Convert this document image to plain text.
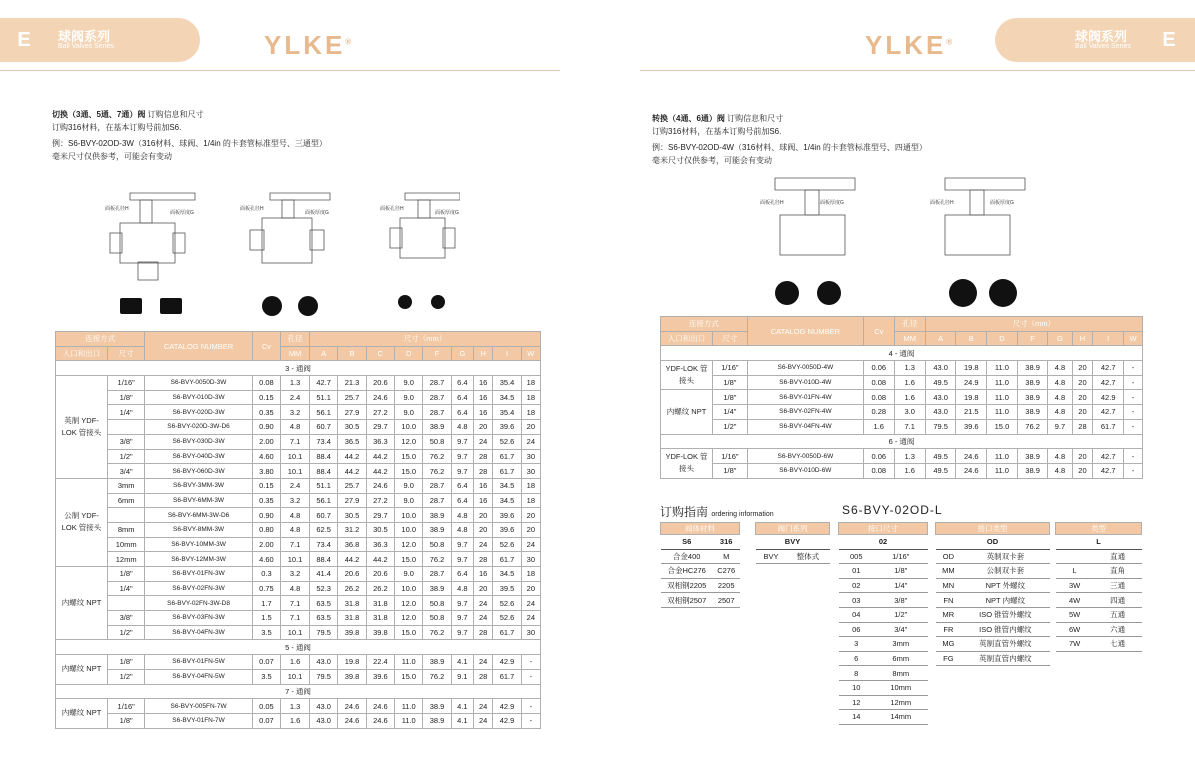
E	球阀系列
Ball Valves Series	YLKE®	YLKE®	球阀系列
Ball Valves Series	E
切换（3通、5通、7通）阀 订购信息和尺寸
订购316材料，在基本订购号前加S6.
例：S6-BVY-02OD-3W（316材料、球阀、1/4in 的卡套管标准型号、三通型）
毫米尺寸仅供参考，可能会有变动
转换（4通、6通）阀 订购信息和尺寸
订购316材料，在基本订购号前加S6.
例：S6-BVY-02OD-4W（316材料、球阀、1/4in 的卡套管标准型号、四通型）
毫米尺寸仅供参考，可能会有变动
面板孔径H
面板厚度G
面板孔径H
面板厚度G
面板孔径H
面板厚度G
面板孔径H	面板厚度G	面板孔径H	面板厚度G
连接方式		CATALOG NUMBER	Cv	孔径	尺寸（mm）								
入口和出口	尺寸			MM	A	B	C	D	F	G	H	I	W
3 - 通阀													
英制 YDF-LOK 管接头	1/16"	S6-BVY-0050D-3W	0.08	1.3	42.7	21.3	20.6	9.0	28.7	6.4	16	35.4	18
	1/8"	S6-BVY-010D-3W	0.15	2.4	51.1	25.7	24.6	9.0	28.7	6.4	16	34.5	18
	1/4"	S6-BVY-020D-3W	0.35	3.2	56.1	27.9	27.2	9.0	28.7	6.4	16	35.4	18
		S6-BVY-020D-3W-D6	0.90	4.8	60.7	30.5	29.7	10.0	38.9	4.8	20	39.6	20
	3/8"	S6-BVY-030D-3W	2.00	7.1	73.4	36.5	36.3	12.0	50.8	9.7	24	52.6	24
	1/2"	S6-BVY-040D-3W	4.60	10.1	88.4	44.2	44.2	15.0	76.2	9.7	28	61.7	30
	3/4"	S6-BVY-060D-3W	3.80	10.1	88.4	44.2	44.2	15.0	76.2	9.7	28	61.7	30
公制 YDF-LOK 管接头	3mm	S6-BVY-3MM-3W	0.15	2.4	51.1	25.7	24.6	9.0	28.7	6.4	16	34.5	18
	6mm	S6-BVY-6MM-3W	0.35	3.2	56.1	27.9	27.2	9.0	28.7	6.4	16	34.5	18
		S6-BVY-6MM-3W-D6	0.90	4.8	60.7	30.5	29.7	10.0	38.9	4.8	20	39.6	20
	8mm	S6-BVY-8MM-3W	0.80	4.8	62.5	31.2	30.5	10.0	38.9	4.8	20	39.6	20
	10mm	S6-BVY-10MM-3W	2.00	7.1	73.4	36.8	36.3	12.0	50.8	9.7	24	52.6	24
	12mm	S6-BVY-12MM-3W	4.60	10.1	88.4	44.2	44.2	15.0	76.2	9.7	28	61.7	30
内螺纹 NPT	1/8"	S6-BVY-01FN-3W	0.3	3.2	41.4	20.6	20.6	9.0	28.7	6.4	16	34.5	18
	1/4"	S6-BVY-02FN-3W	0.75	4.8	52.3	26.2	26.2	10.0	38.9	4.8	20	39.5	20
		S6-BVY-02FN-3W-D8	1.7	7.1	63.5	31.8	31.8	12.0	50.8	9.7	24	52.6	24
	3/8"	S6-BVY-03FN-3W	1.5	7.1	63.5	31.8	31.8	12.0	50.8	9.7	24	52.6	24
	1/2"	S6-BVY-04FN-3W	3.5	10.1	79.5	39.8	39.8	15.0	76.2	9.7	28	61.7	30
5 - 通阀													
内螺纹 NPT	1/8"	S6-BVY-01FN-5W	0.07	1.6	43.0	19.8	22.4	11.0	38.9	4.1	24	42.9	-
	1/2"	S6-BVY-04FN-5W	3.5	10.1	79.5	39.8	39.6	15.0	76.2	9.1	28	61.7	-
7 - 通阀													
内螺纹 NPT	1/16"	S6-BVY-005FN-7W	0.05	1.3	43.0	24.6	24.6	11.0	38.9	4.1	24	42.9	-
	1/8"	S6-BVY-01FN-7W	0.07	1.6	43.0	24.6	24.6	11.0	38.9	4.1	24	42.9	-
连接方式		CATALOG NUMBER	Cv	孔径	尺寸（mm）							
入口和出口	尺寸			MM	A	B	D	F	G	H	I	W
4 - 通阀												
YDF-LOK 管接头	1/16"	S6-BVY-0050D-4W	0.06	1.3	43.0	19.8	11.0	38.9	4.8	20	42.7	-
	1/8"	S6-BVY-010D-4W	0.08	1.6	49.5	24.9	11.0	38.9	4.8	20	42.7	-
内螺纹 NPT	1/8"	S6-BVY-01FN-4W	0.08	1.6	43.0	19.8	11.0	38.9	4.8	20	42.9	-
	1/4"	S6-BVY-02FN-4W	0.28	3.0	43.0	21.5	11.0	38.9	4.8	20	42.7	-
	1/2"	S6-BVY-04FN-4W	1.6	7.1	79.5	39.6	15.0	76.2	9.7	28	61.7	-
6 - 通阀												
YDF-LOK 管接头	1/16"	S6-BVY-0050D-6W	0.06	1.3	49.5	24.6	11.0	38.9	4.8	20	42.7	-
	1/8"	S6-BVY-010D-6W	0.08	1.6	49.5	24.6	11.0	38.9	4.8	20	42.7	-
订购指南 ordering information	S6-BVY-02OD-L
阀体材料	
S6	316
合金400	M
合金HC276	C276
双相钢2205	2205
双相钢2507	2507
阀门系列
BVY
BVY	整体式
接口尺寸	
02	
005	1/16"
01	1/8"
02	1/4"
03	3/8"
04	1/2"
06	3/4"
3	3mm
6	6mm
8	8mm
10	10mm
12	12mm
14	14mm
接口类型	
OD	
OD	英制双卡套
MM	公制双卡套
MN	NPT 外螺纹
FN	NPT 内螺纹
MR	ISO 锥管外螺纹
FR	ISO 锥管内螺纹
MG	英制直管外螺纹
FG	英制直管内螺纹
类型	
L	
	直通
L	直角
3W	三通
4W	四通
5W	五通
6W	六通
7W	七通
